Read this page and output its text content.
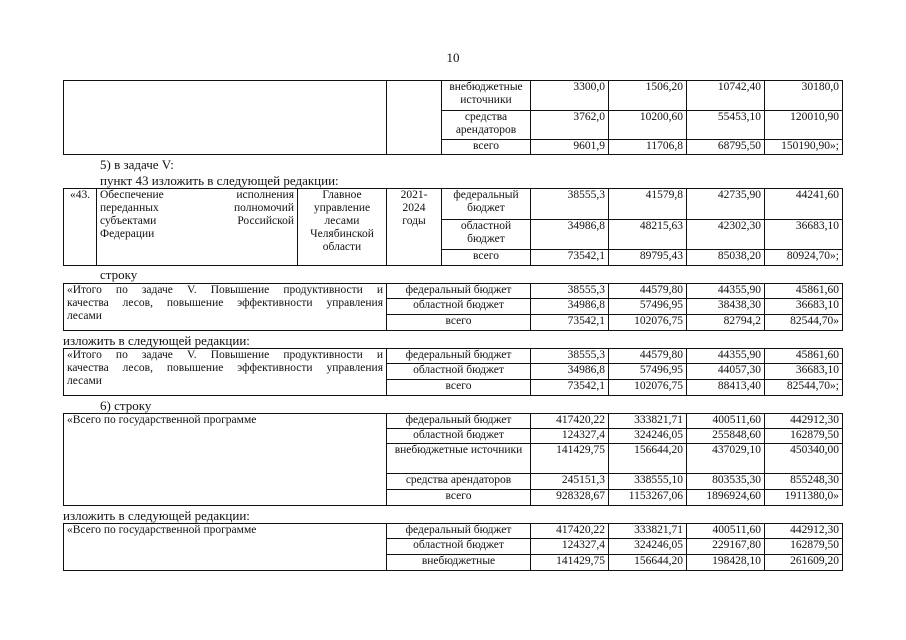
10
		внебюджетные источники	3300,0	1506,20	10742,40	30180,0
		средства арендаторов	3762,0	10200,60	55453,10	120010,90
		всего	9601,9	11706,8	68795,50	150190,90»;
5) в задаче V:
пункт 43 изложить в следующей редакции:
«43.	Обеспечение исполнения
переданных полномочий
субъектами Российской
Федерации	Главное управление лесами Челябинской области	2021-2024 годы	федеральный бюджет	38555,3	41579,8	42735,90	44241,60
				областной бюджет	34986,8	48215,63	42302,30	36683,10
				всего	73542,1	89795,43	85038,20	80924,70»;
строку
«Итого по задаче V. Повышение продуктивности и
качества лесов, повышение эффективности управления
лесами	федеральный бюджет	38555,3	44579,80	44355,90	45861,60
	областной бюджет	34986,8	57496,95	38438,30	36683,10
	всего	73542,1	102076,75	82794,2	82544,70»
изложить в следующей редакции:
«Итого по задаче V. Повышение продуктивности и
качества лесов, повышение эффективности управления
лесами	федеральный бюджет	38555,3	44579,80	44355,90	45861,60
	областной бюджет	34986,8	57496,95	44057,30	36683,10
	всего	73542,1	102076,75	88413,40	82544,70»;
6) строку
«Всего по государственной программе	федеральный бюджет	417420,22	333821,71	400511,60	442912,30
	областной бюджет	124327,4	324246,05	255848,60	162879,50
	внебюджетные источники	141429,75	156644,20	437029,10	450340,00
	средства арендаторов	245151,3	338555,10	803535,30	855248,30
	всего	928328,67	1153267,06	1896924,60	1911380,0»
изложить в следующей редакции:
«Всего по государственной программе	федеральный бюджет	417420,22	333821,71	400511,60	442912,30
	областной бюджет	124327,4	324246,05	229167,80	162879,50
	внебюджетные	141429,75	156644,20	198428,10	261609,20
